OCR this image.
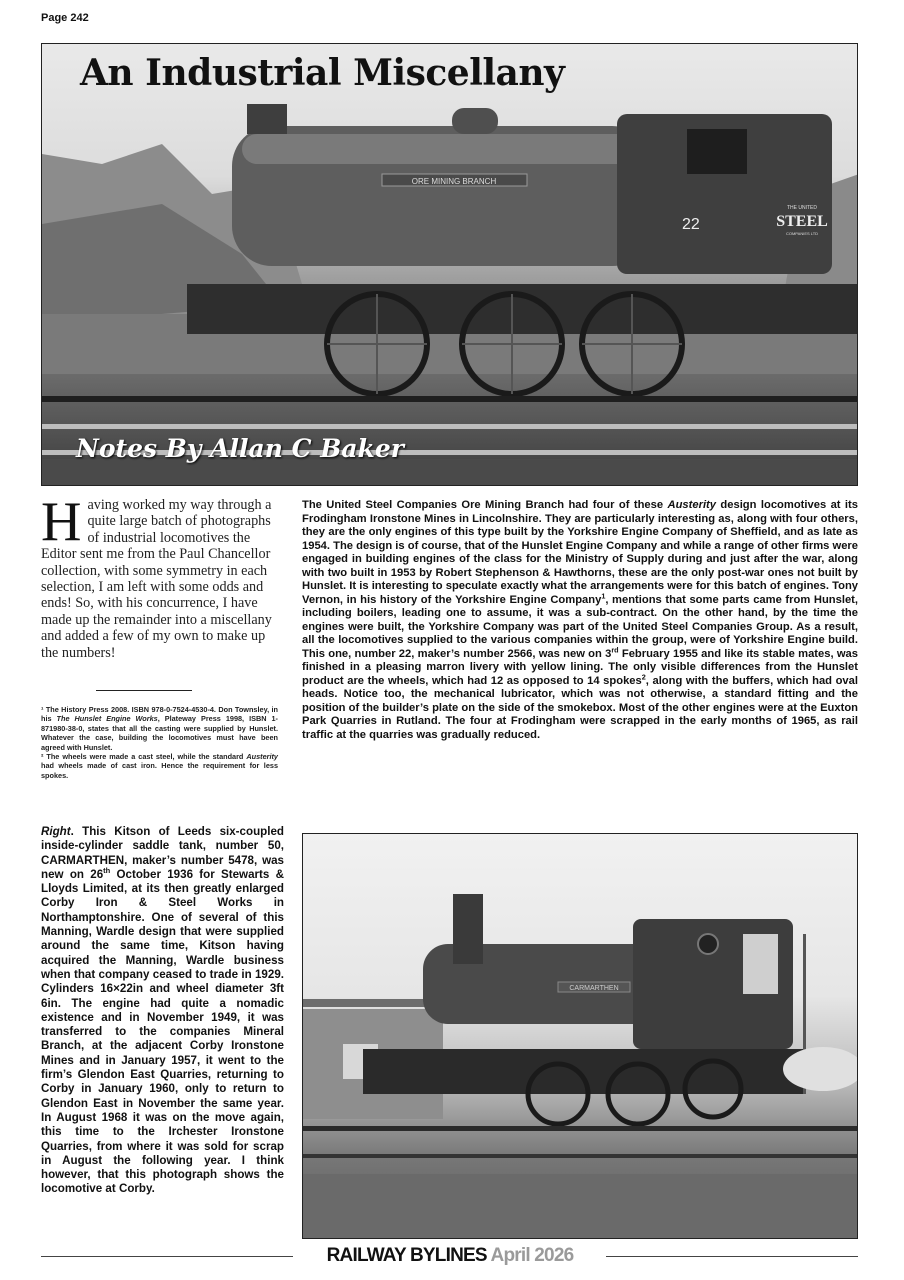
Page 242
ORE MINING BRANCH
22
THE UNITED
STEEL
COMPANIES LTD
An Industrial Miscellany
Notes By Allan C Baker
Having worked my way through a quite large batch of photographs of industrial locomotives the Editor sent me from the Paul Chancellor collection, with some symmetry in each selection, I am left with some odds and ends! So, with his concurrence, I have made up the remainder into a miscellany and added a few of my own to make up the numbers!

¹ The History Press 2008. ISBN 978-0-7524-4530-4. Don Townsley, in his The Hunslet Engine Works, Plateway Press 1998, ISBN 1-871980-38-0, states that all the casting were supplied by Hunslet. Whatever the case, building the locomotives must have been agreed with Hunslet.

² The wheels were made a cast steel, while the standard Austerity had wheels made of cast iron. Hence the requirement for less spokes.

The United Steel Companies Ore Mining Branch had four of these Austerity design locomotives at its Frodingham Ironstone Mines in Lincolnshire. They are particularly interesting as, along with four others, they are the only engines of this type built by the Yorkshire Engine Company of Sheffield, and as late as 1954. The design is of course, that of the Hunslet Engine Company and while a range of other firms were engaged in building engines of the class for the Ministry of Supply during and just after the war, along with two built in 1953 by Robert Stephenson & Hawthorns, these are the only post-war ones not built by Hunslet. It is interesting to speculate exactly what the arrangements were for this batch of engines. Tony Vernon, in his history of the Yorkshire Engine Company$^1$, mentions that some parts came from Hunslet, including boilers, leading one to assume, it was a sub-contract. On the other hand, by the time the engines were built, the Yorkshire Company was part of the United Steel Companies Group. As a result, all the locomotives supplied to the various companies within the group, were of Yorkshire Engine build. This one, number 22, maker’s number 2566, was new on 3rd February 1955 and like its stable mates, was finished in a pleasing marron livery with yellow lining. The only visible differences from the Hunslet product are the wheels, which had 12 as opposed to 14 spokes$^2$, along with the buffers, which had oval heads. Notice too, the mechanical lubricator, which was not otherwise, a standard fitting and the position of the builder’s plate on the side of the smokebox. Most of the other engines were at the Euxton Park Quarries in Rutland. The four at Frodingham were scrapped in the early months of 1965, as rail traffic at the quarries was gradually reduced.
Right. This Kitson of Leeds six-coupled inside-cylinder saddle tank, number 50, CARMARTHEN, maker’s number 5478, was new on 26th October 1936 for Stewarts & Lloyds Limited, at its then greatly enlarged Corby Iron & Steel Works in Northamptonshire. One of several of this Manning, Wardle design that were supplied around the same time, Kitson having acquired the Manning, Wardle business when that company ceased to trade in 1929. Cylinders 16×22in and wheel diameter 3ft 6in. The engine had quite a nomadic existence and in November 1949, it was transferred to the companies Mineral Branch, at the adjacent Corby Ironstone Mines and in January 1957, it went to the firm’s Glendon East Quarries, returning to Corby in January 1960, only to return to Glendon East in November the same year. In August 1968 it was on the move again, this time to the Irchester Ironstone Quarries, from where it was sold for scrap in August the following year. I think however, that this photograph shows the locomotive at Corby.
CARMARTHEN
RAILWAY BYLINES April 2026
